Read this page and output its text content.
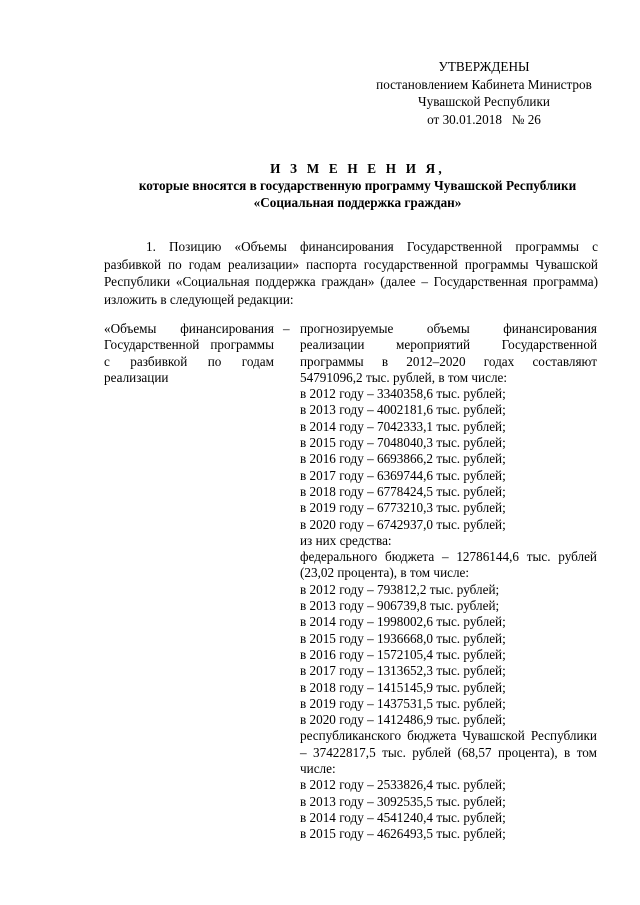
УТВЕРЖДЕНЫ
постановлением Кабинета Министров
Чувашской Республики
от 30.01.2018   № 26
И З М Е Н Е Н И Я,
которые вносятся в государственную программу Чувашской Республики
«Социальная поддержка граждан»
1. Позицию «Объемы финансирования Государственной программы с разбивкой по годам реализации» паспорта государственной программы Чувашской Республики «Социальная поддержка граждан» (далее – Государственная программа) изложить в следующей редакции:
«Объемы финансирования Государственной программы с разбивкой по годам реализации
– прогнозируемые объемы финансирования реализации мероприятий Государственной программы в 2012–2020 годах составляют 54791096,2 тыс. рублей, в том числе:
в 2012 году – 3340358,6 тыс. рублей;
в 2013 году – 4002181,6 тыс. рублей;
в 2014 году – 7042333,1 тыс. рублей;
в 2015 году – 7048040,3 тыс. рублей;
в 2016 году – 6693866,2 тыс. рублей;
в 2017 году – 6369744,6 тыс. рублей;
в 2018 году – 6778424,5 тыс. рублей;
в 2019 году – 6773210,3 тыс. рублей;
в 2020 году – 6742937,0 тыс. рублей;
из них средства:
федерального бюджета – 12786144,6 тыс. рублей (23,02 процента), в том числе:
в 2012 году – 793812,2 тыс. рублей;
в 2013 году – 906739,8 тыс. рублей;
в 2014 году – 1998002,6 тыс. рублей;
в 2015 году – 1936668,0 тыс. рублей;
в 2016 году – 1572105,4 тыс. рублей;
в 2017 году – 1313652,3 тыс. рублей;
в 2018 году – 1415145,9 тыс. рублей;
в 2019 году – 1437531,5 тыс. рублей;
в 2020 году – 1412486,9 тыс. рублей;
республиканского бюджета Чувашской Республики – 37422817,5 тыс. рублей (68,57 процента), в том числе:
в 2012 году – 2533826,4 тыс. рублей;
в 2013 году – 3092535,5 тыс. рублей;
в 2014 году – 4541240,4 тыс. рублей;
в 2015 году – 4626493,5 тыс. рублей;
